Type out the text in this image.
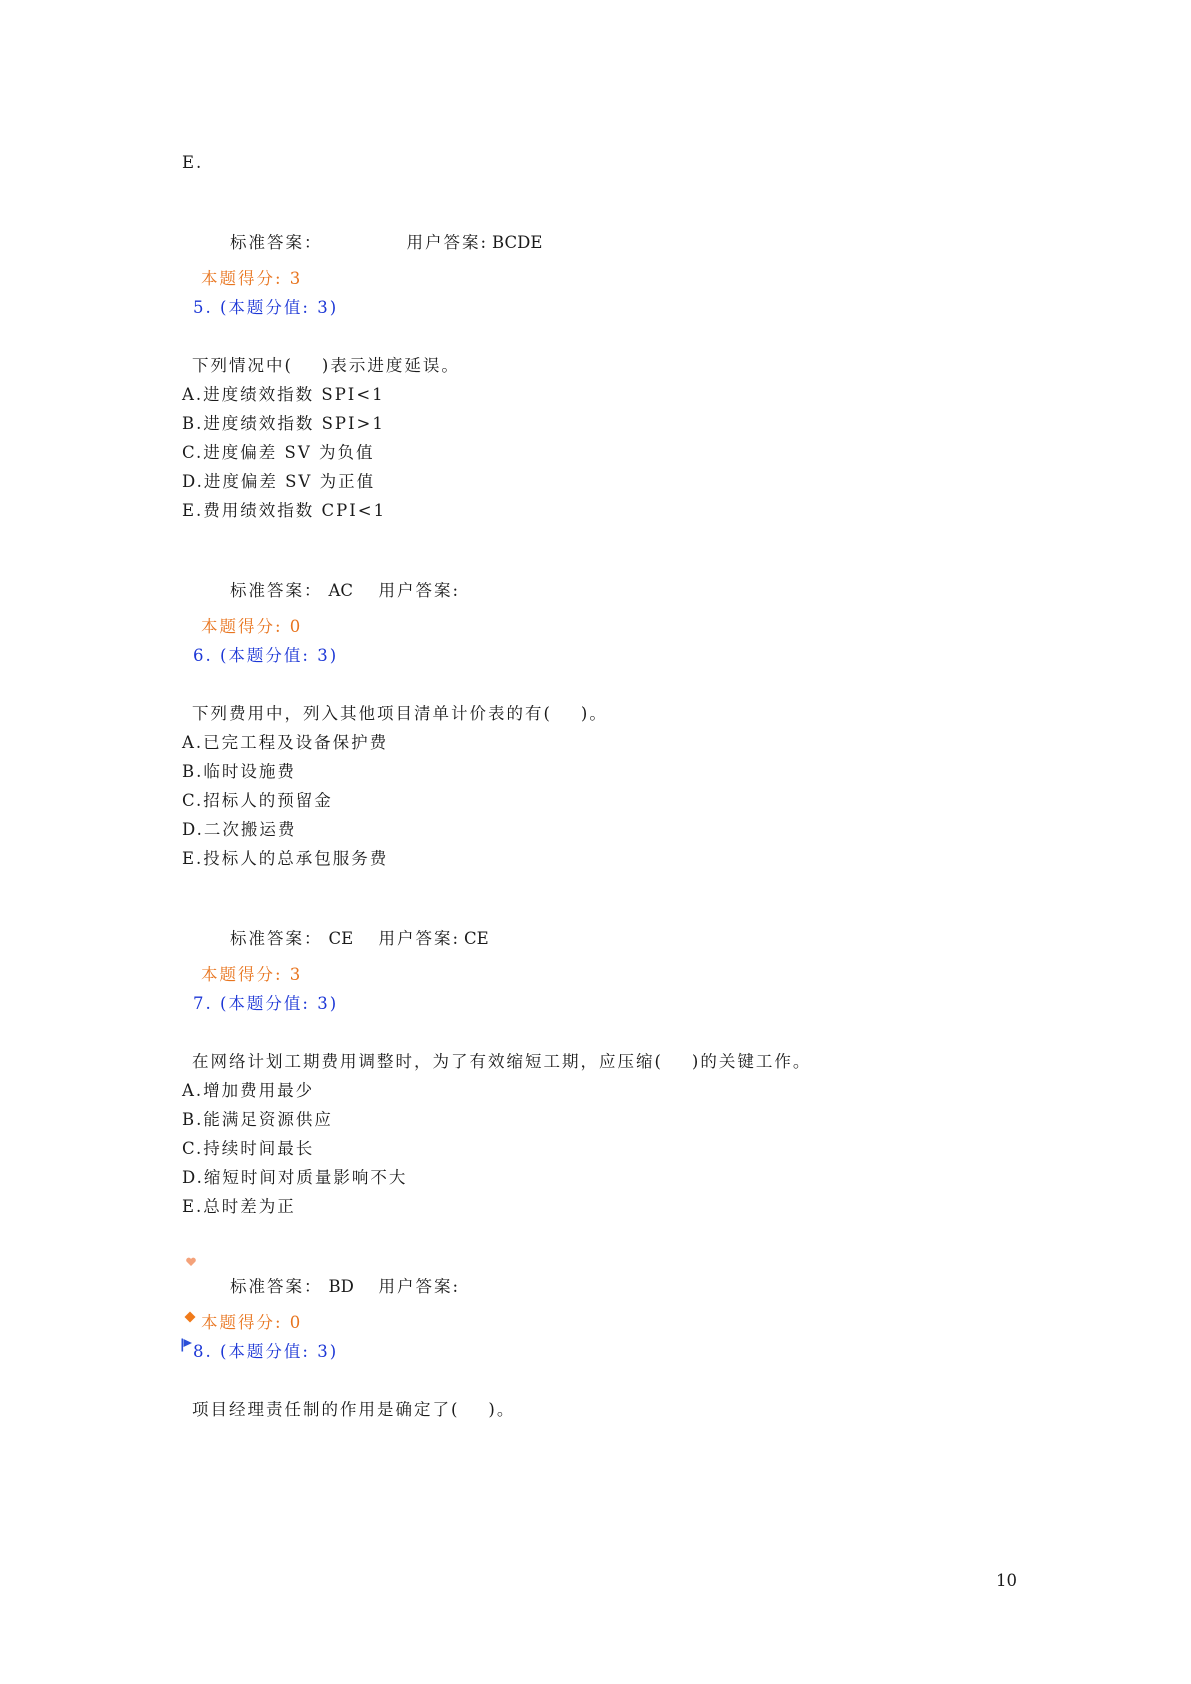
E.

标准答案：	用户答案: BCDE

本题得分: 3
5. (本题分值: 3)
下列情况中(    )表示进度延误。
A.进度绩效指数 SPI<1
B.进度绩效指数 SPI>1
C.进度偏差 SV 为负值
D.进度偏差 SV 为正值
E.费用绩效指数 CPI<1

标准答案： AC 用户答案:

本题得分: 0
6. (本题分值: 3)
下列费用中，列入其他项目清单计价表的有(    )。
A.已完工程及设备保护费
B.临时设施费
C.招标人的预留金
D.二次搬运费
E.投标人的总承包服务费

标准答案： CE 用户答案: CE

本题得分: 3
7. (本题分值: 3)
在网络计划工期费用调整时，为了有效缩短工期，应压缩(    )的关键工作。
A.增加费用最少
B.能满足资源供应
C.持续时间最长
D.缩短时间对质量影响不大
E.总时差为正

标准答案： BD 用户答案:

本题得分: 0
8. (本题分值: 3)
项目经理责任制的作用是确定了(    )。
10
